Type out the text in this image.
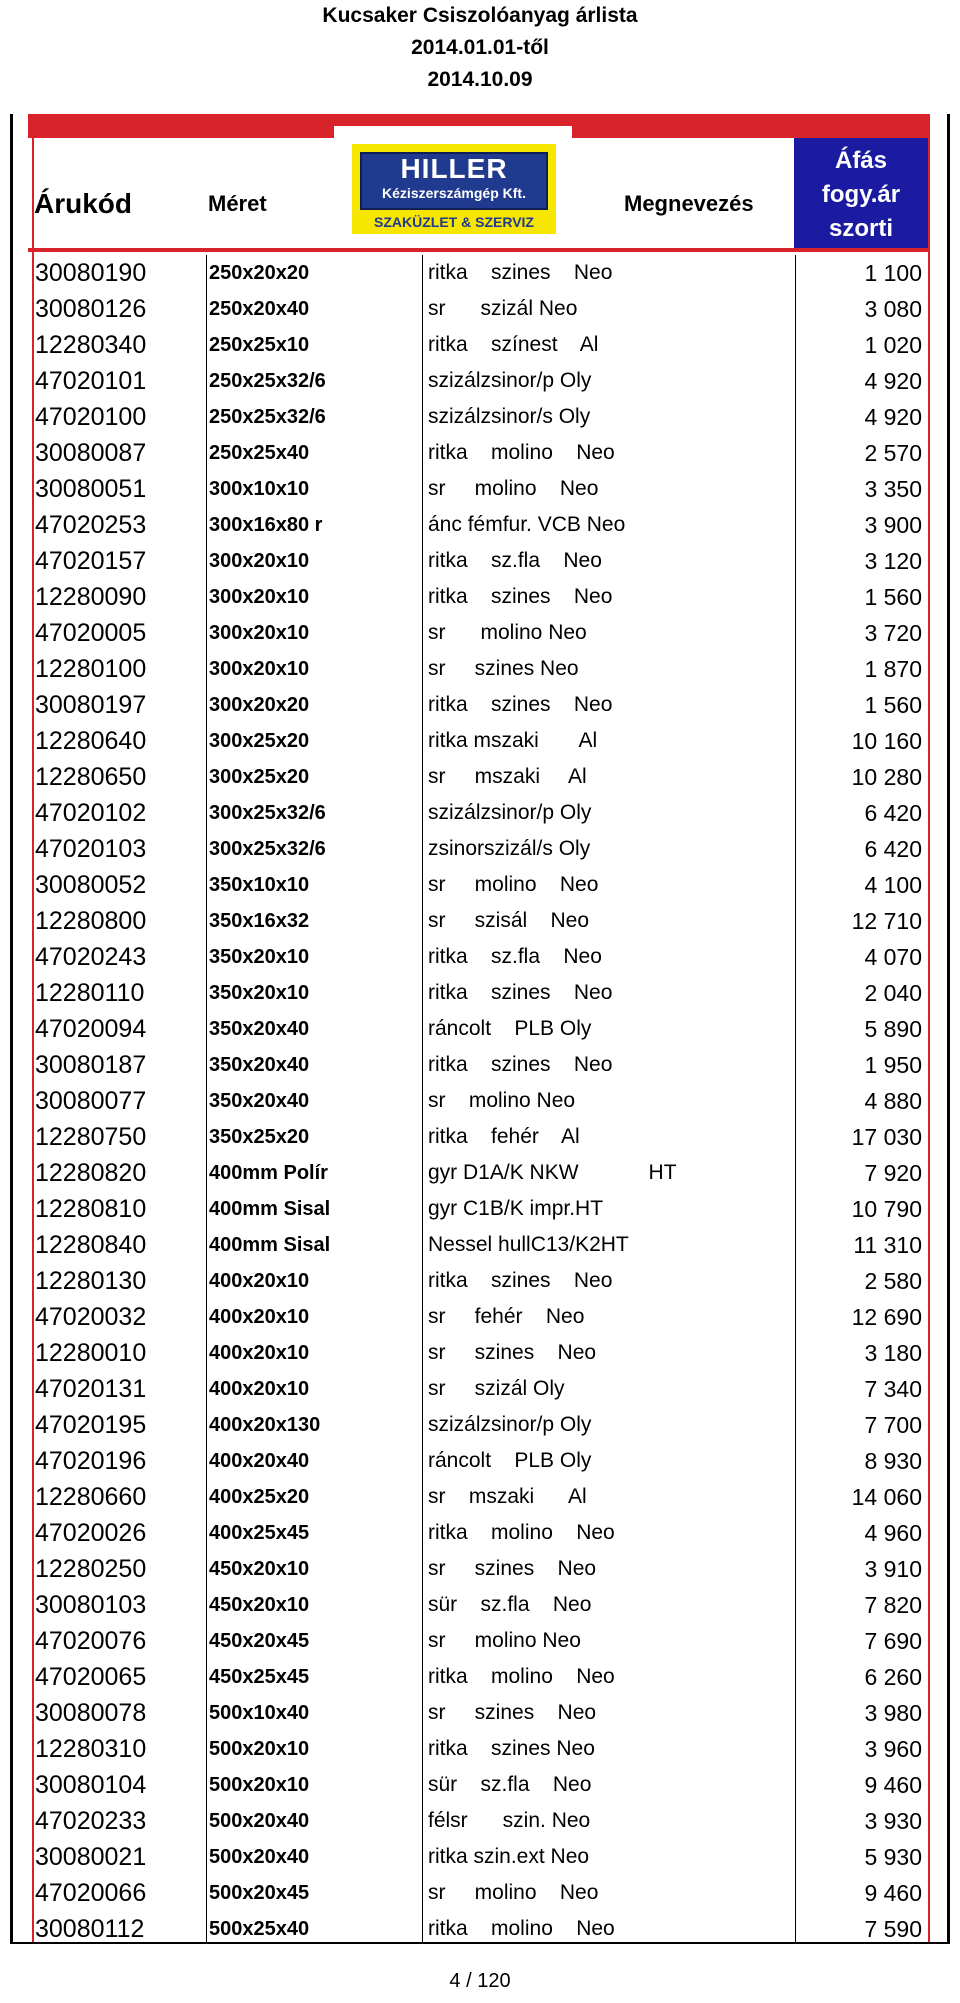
Kucsaker Csiszolóanyag árlista
2014.01.01-től
2014.10.09
Árukód	Méret
HILLER
Kéziszerszámgép Kft.
SZAKÜZLET & SZERVIZ
Megnevezés
Áfás
fogy.ár
szorti
30080190	250x20x20	ritka    szines    Neo	1 100
30080126	250x20x40	sr      szizál Neo	3 080
12280340	250x25x10	ritka    színest    Al	1 020
47020101	250x25x32/6	szizálzsinor/p Oly	4 920
47020100	250x25x32/6	szizálzsinor/s Oly	4 920
30080087	250x25x40	ritka    molino    Neo	2 570
30080051	300x10x10	sr     molino    Neo	3 350
47020253	300x16x80 r	ánc fémfur. VCB Neo	3 900
47020157	300x20x10	ritka    sz.fla    Neo	3 120
12280090	300x20x10	ritka    szines    Neo	1 560
47020005	300x20x10	sr      molino Neo	3 720
12280100	300x20x10	sr     szines Neo	1 870
30080197	300x20x20	ritka    szines    Neo	1 560
12280640	300x25x20	ritka mszaki       Al	10 160
12280650	300x25x20	sr     mszaki     Al	10 280
47020102	300x25x32/6	szizálzsinor/p Oly	6 420
47020103	300x25x32/6	zsinorszizál/s Oly	6 420
30080052	350x10x10	sr     molino    Neo	4 100
12280800	350x16x32	sr     szisál    Neo	12 710
47020243	350x20x10	ritka    sz.fla    Neo	4 070
12280110	350x20x10	ritka    szines    Neo	2 040
47020094	350x20x40	ráncolt    PLB Oly	5 890
30080187	350x20x40	ritka    szines    Neo	1 950
30080077	350x20x40	sr    molino Neo	4 880
12280750	350x25x20	ritka    fehér    Al	17 030
12280820	400mm Polír	gyr D1A/K NKW            HT	7 920
12280810	400mm Sisal	gyr C1B/K impr.HT	10 790
12280840	400mm Sisal	Nessel hullC13/K2HT	11 310
12280130	400x20x10	ritka    szines    Neo	2 580
47020032	400x20x10	sr     fehér    Neo	12 690
12280010	400x20x10	sr     szines    Neo	3 180
47020131	400x20x10	sr     szizál Oly	7 340
47020195	400x20x130	szizálzsinor/p Oly	7 700
47020196	400x20x40	ráncolt    PLB Oly	8 930
12280660	400x25x20	sr    mszaki      Al	14 060
47020026	400x25x45	ritka    molino    Neo	4 960
12280250	450x20x10	sr     szines    Neo	3 910
30080103	450x20x10	sür    sz.fla    Neo	7 820
47020076	450x20x45	sr     molino Neo	7 690
47020065	450x25x45	ritka    molino    Neo	6 260
30080078	500x10x40	sr     szines    Neo	3 980
12280310	500x20x10	ritka    szines Neo	3 960
30080104	500x20x10	sür    sz.fla    Neo	9 460
47020233	500x20x40	félsr      szin. Neo	3 930
30080021	500x20x40	ritka szin.ext Neo	5 930
47020066	500x20x45	sr     molino    Neo	9 460
30080112	500x25x40	ritka    molino    Neo	7 590
4 / 120
